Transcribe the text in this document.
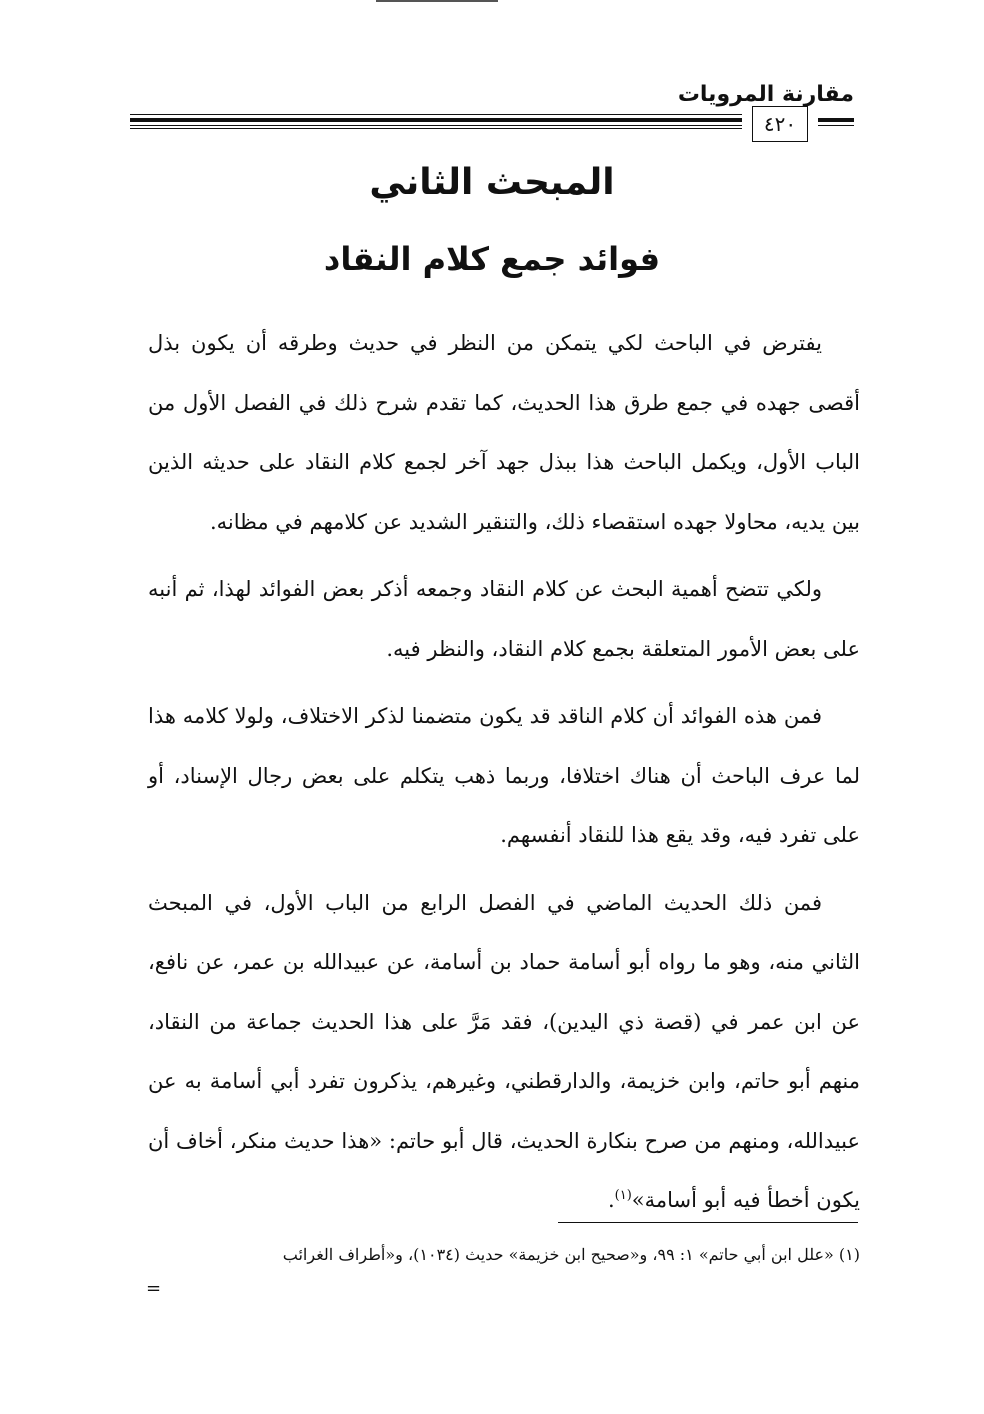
مقارنة المرويات
٤٢٠
المبحث الثاني
فوائد جمع كلام النقاد

يفترض في الباحث لكي يتمكن من النظر في حديث وطرقه أن يكون بذل أقصى جهده في جمع طرق هذا الحديث، كما تقدم شرح ذلك في الفصل الأول من الباب الأول، ويكمل الباحث هذا ببذل جهد آخر لجمع كلام النقاد على حديثه الذين بين يديه، محاولا جهده استقصاء ذلك، والتنقير الشديد عن كلامهم في مظانه.

ولكي تتضح أهمية البحث عن كلام النقاد وجمعه أذكر بعض الفوائد لهذا، ثم أنبه على بعض الأمور المتعلقة بجمع كلام النقاد، والنظر فيه.

فمن هذه الفوائد أن كلام الناقد قد يكون متضمنا لذكر الاختلاف، ولولا كلامه هذا لما عرف الباحث أن هناك اختلافا، وربما ذهب يتكلم على بعض رجال الإسناد، أو على تفرد فيه، وقد يقع هذا للنقاد أنفسهم.

فمن ذلك الحديث الماضي في الفصل الرابع من الباب الأول، في المبحث الثاني منه، وهو ما رواه أبو أسامة حماد بن أسامة، عن عبيدالله بن عمر، عن نافع، عن ابن عمر في (قصة ذي اليدين)، فقد مَرَّ على هذا الحديث جماعة من النقاد، منهم أبو حاتم، وابن خزيمة، والدارقطني، وغيرهم، يذكرون تفرد أبي أسامة به عن عبيدالله، ومنهم من صرح بنكارة الحديث، قال أبو حاتم: «هذا حديث منكر، أخاف أن يكون أخطأ فيه أبو أسامة»$^{(١)}$.

(١) «علل ابن أبي حاتم» ١: ٩٩، و«صحيح ابن خزيمة» حديث (١٠٣٤)، و«أطراف الغرائب
=
